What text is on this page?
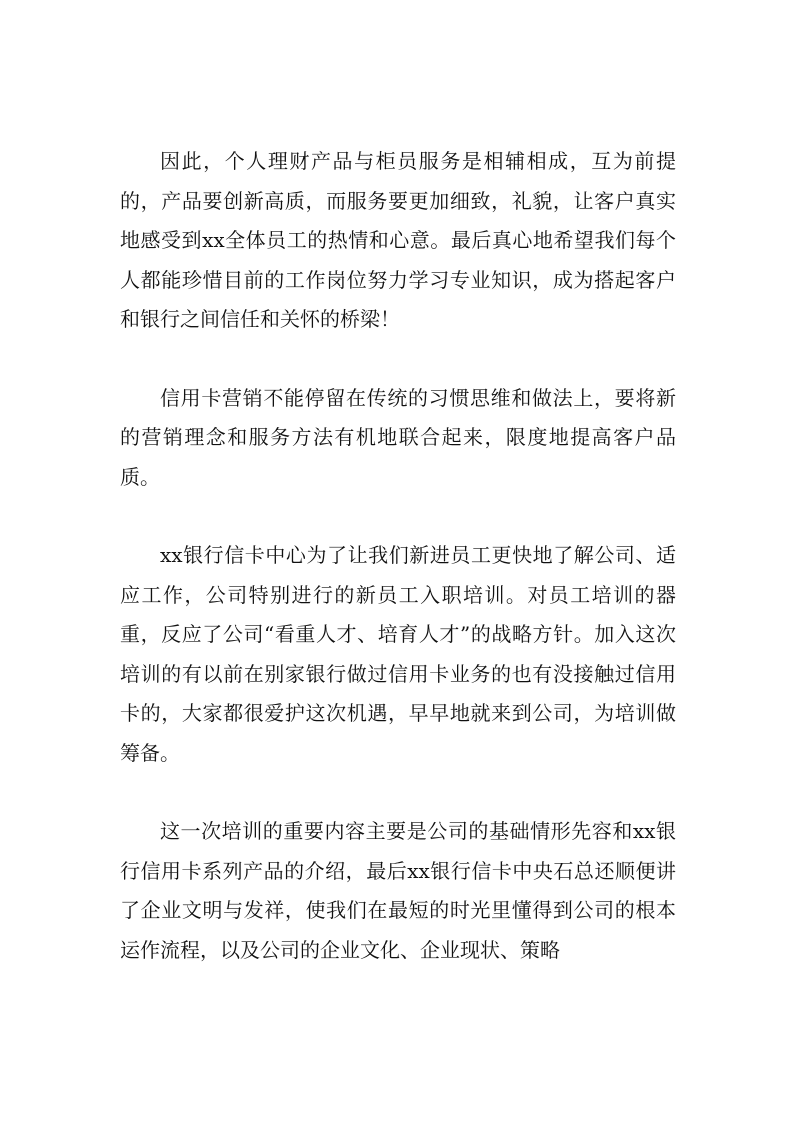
因此，个人理财产品与柜员服务是相辅相成，互为前提的，产品要创新高质，而服务要更加细致，礼貌，让客户真实地感受到xx全体员工的热情和心意。最后真心地希望我们每个人都能珍惜目前的工作岗位努力学习专业知识，成为搭起客户和银行之间信任和关怀的桥梁！

信用卡营销不能停留在传统的习惯思维和做法上，要将新的营销理念和服务方法有机地联合起来，限度地提高客户品质。

xx银行信卡中心为了让我们新进员工更快地了解公司、适应工作，公司特别进行的新员工入职培训。对员工培训的器重，反应了公司“看重人才、培育人才”的战略方针。加入这次培训的有以前在别家银行做过信用卡业务的也有没接触过信用卡的，大家都很爱护这次机遇，早早地就来到公司，为培训做筹备。

这一次培训的重要内容主要是公司的基础情形先容和xx银行信用卡系列产品的介绍，最后xx银行信卡中央石总还顺便讲了企业文明与发祥，使我们在最短的时光里懂得到公司的根本运作流程，以及公司的企业文化、企业现状、策略
